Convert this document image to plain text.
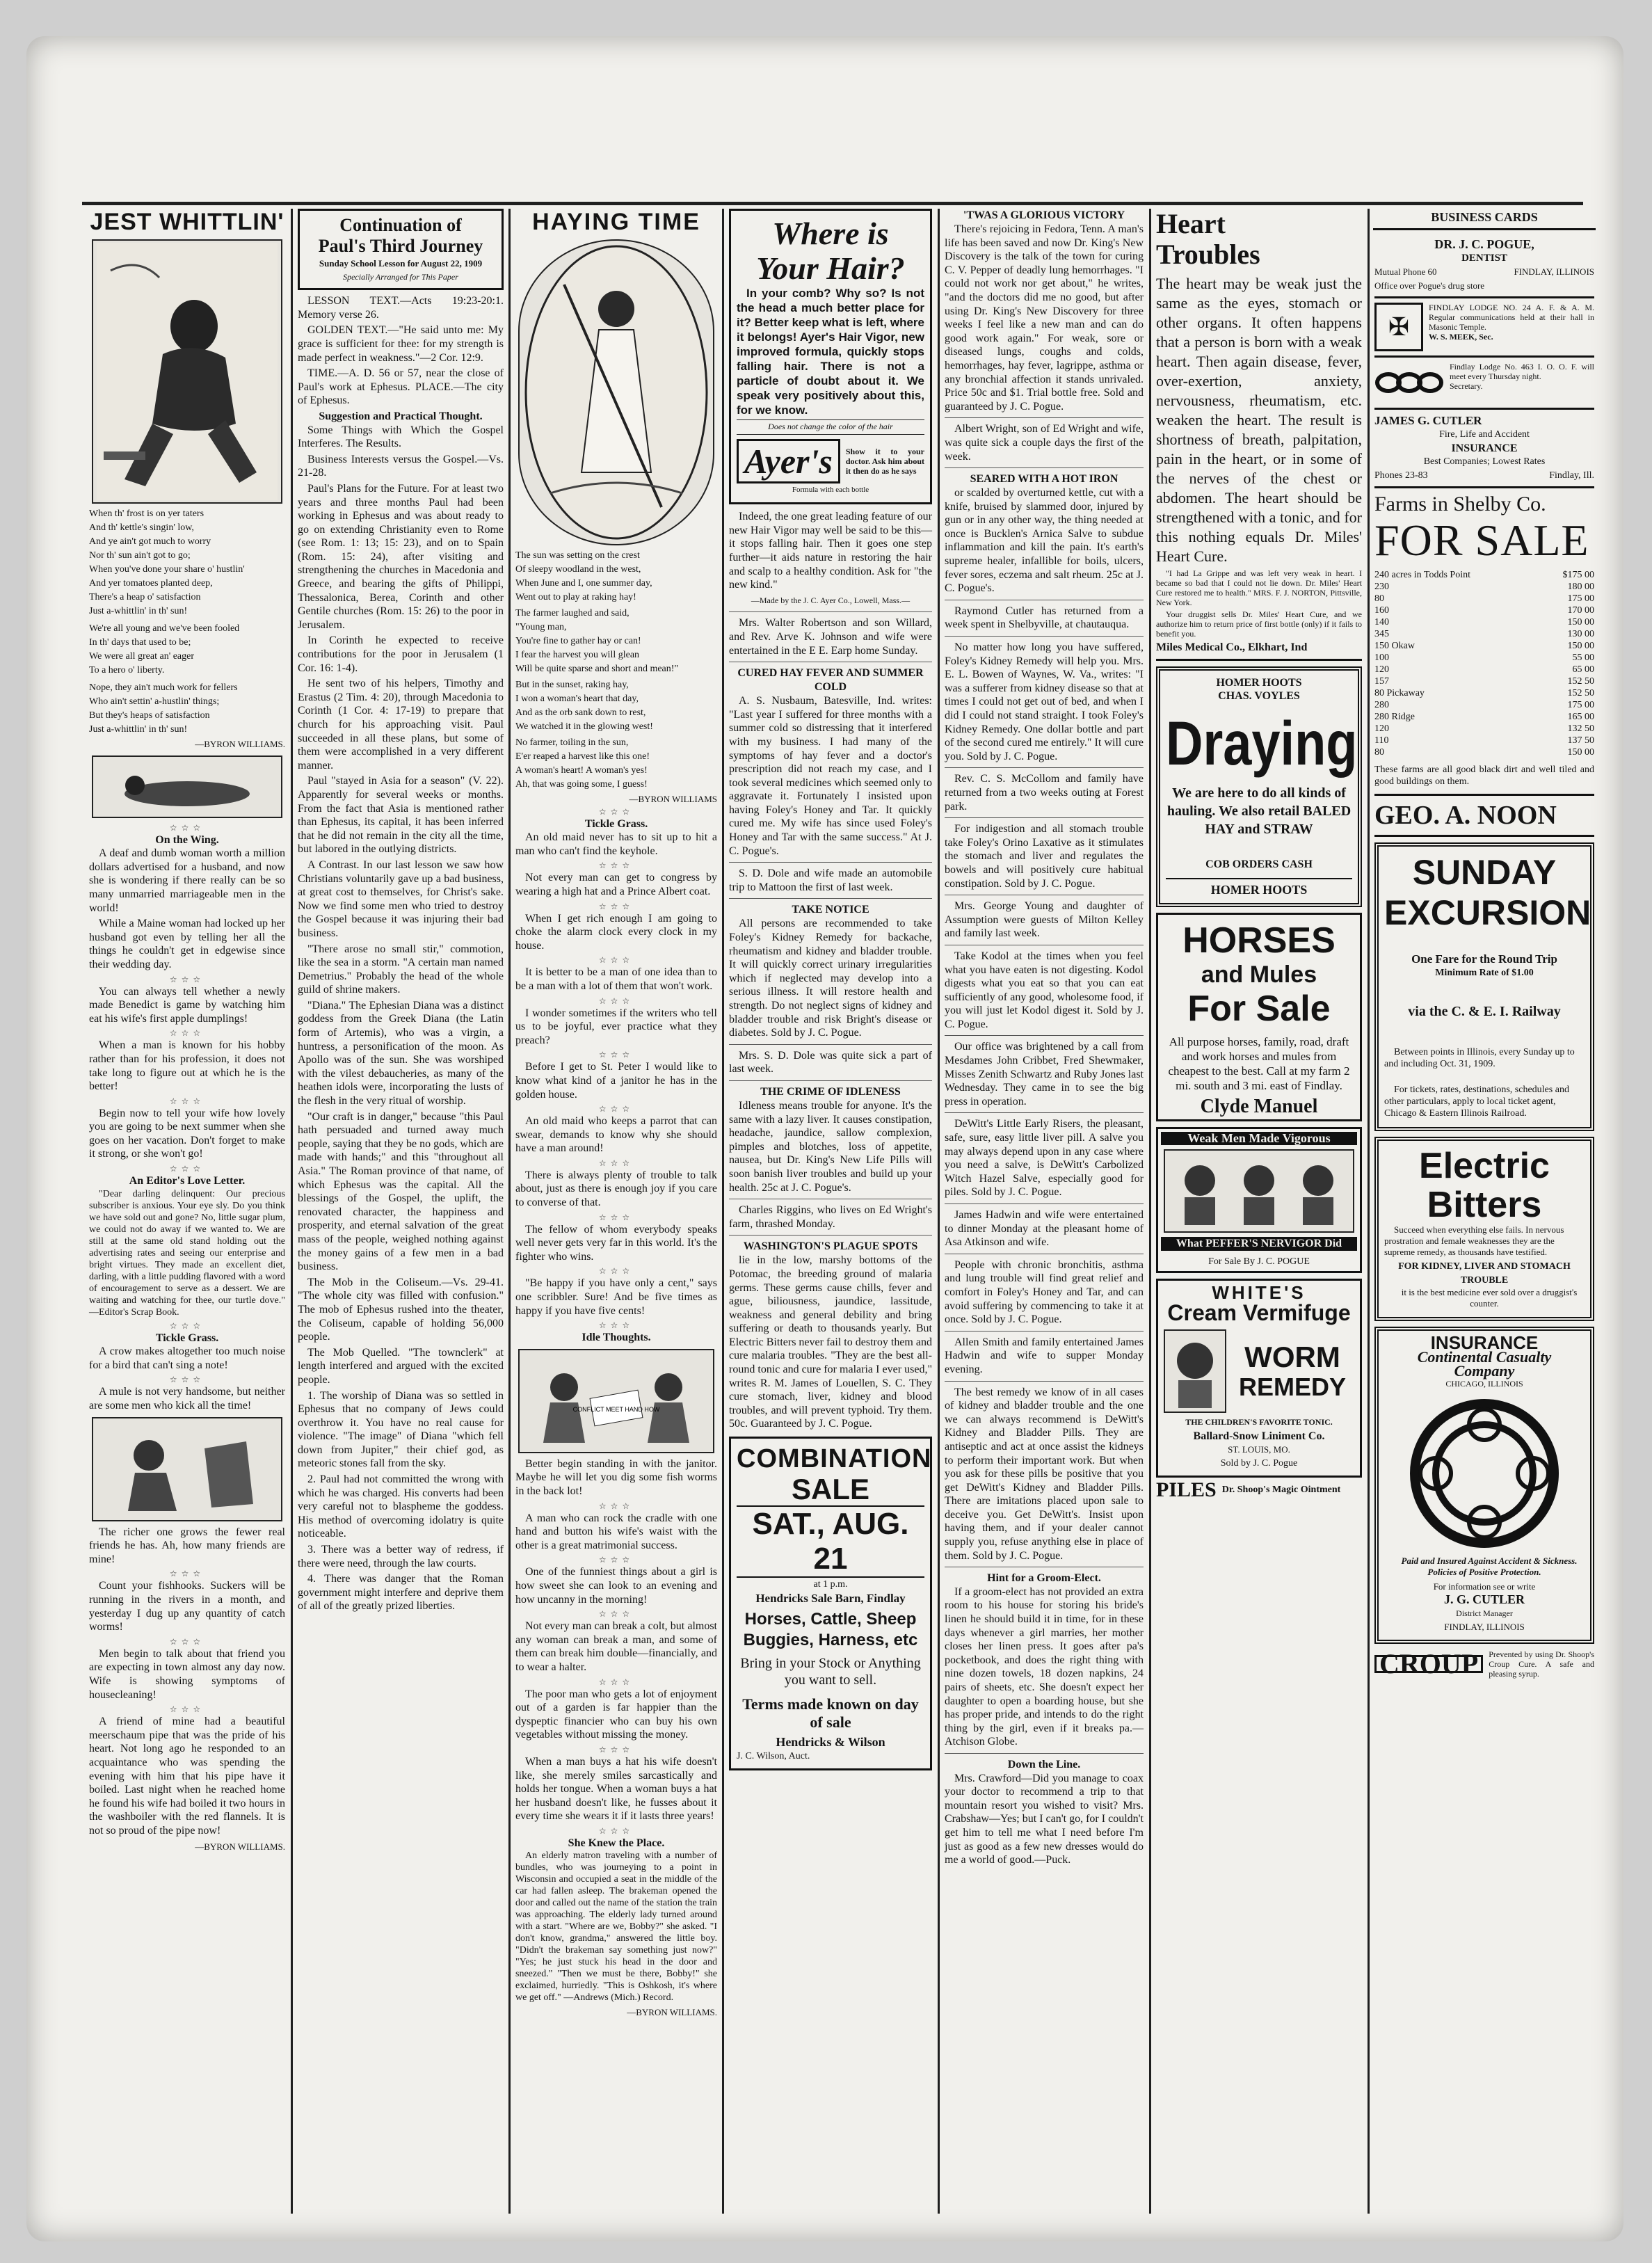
BUSINESS CARDS
JEST WHITTLIN'

When th' frost is on yer taters

And th' kettle's singin' low,

And ye ain't got much to worry

Nor th' sun ain't got to go;

When you've done your share o' hustlin'

And yer tomatoes planted deep,

There's a heap o' satisfaction

Just a-whittlin' in th' sun!

We're all young and we've been fooled

In th' days that used to be;

We were all great an' eager

To a hero o' liberty.

Nope, they ain't much work for fellers

Who ain't settin' a-hustlin' things;

But they's heaps of satisfaction

Just a-whittlin' in th' sun!

—BYRON WILLIAMS.
☆☆☆
On the Wing.

A deaf and dumb woman worth a million dollars advertised for a husband, and now she is wondering if there really can be so many unmarried marriageable men in the world!

While a Maine woman had locked up her husband got even by telling her all the things he couldn't get in edgewise since their wedding day.

☆☆☆

You can always tell whether a newly made Benedict is game by watching him eat his wife's first apple dumplings!

☆☆☆

When a man is known for his hobby rather than for his profession, it does not take long to figure out at which he is the better!

☆☆☆

Begin now to tell your wife how lovely you are going to be next summer when she goes on her vacation. Don't forget to make it strong, or she won't go!

☆☆☆
An Editor's Love Letter.

"Dear darling delinquent: Our precious subscriber is anxious. Your eye sly. Do you think we have sold out and gone? No, little sugar plum, we could not do away if we wanted to. We are still at the same old stand holding out the advertising rates and seeing our enterprise and bright virtues. They made an excellent diet, darling, with a little pudding flavored with a word of encouragement to serve as a dessert. We are waiting and watching for thee, our turtle dove." —Editor's Scrap Book.

☆☆☆
Tickle Grass.

A crow makes altogether too much noise for a bird that can't sing a note!

☆☆☆

A mule is not very handsome, but neither are some men who kick all the time!

The richer one grows the fewer real friends he has. Ah, how many friends are mine!

☆☆☆

Count your fishhooks. Suckers will be running in the rivers in a month, and yesterday I dug up any quantity of catch worms!

☆☆☆

Men begin to talk about that friend you are expecting in town almost any day now. Wife is showing symptoms of housecleaning!

☆☆☆

A friend of mine had a beautiful meerschaum pipe that was the pride of his heart. Not long ago he responded to an acquaintance who was spending the evening with him that his pipe have it boiled. Last night when he reached home he found his wife had boiled it two hours in the washboiler with the red flannels. It is not so proud of the pipe now!

—BYRON WILLIAMS.
Continuation of
Paul's Third Journey
Sunday School Lesson for August 22, 1909
Specially Arranged for This Paper

LESSON TEXT.—Acts 19:23-20:1. Memory verse 26.

GOLDEN TEXT.—"He said unto me: My grace is sufficient for thee: for my strength is made perfect in weakness."—2 Cor. 12:9.

TIME.—A. D. 56 or 57, near the close of Paul's work at Ephesus. PLACE.—The city of Ephesus.

Suggestion and Practical Thought.

Some Things with Which the Gospel Interferes. The Results.

Business Interests versus the Gospel.—Vs. 21-28.

Paul's Plans for the Future. For at least two years and three months Paul had been working in Ephesus and was about ready to go on extending Christianity even to Rome (see Rom. 1: 13; 15: 23), and on to Spain (Rom. 15: 24), after visiting and strengthening the churches in Macedonia and Greece, and bearing the gifts of Philippi, Thessalonica, Berea, Corinth and other Gentile churches (Rom. 15: 26) to the poor in Jerusalem.

In Corinth he expected to receive contributions for the poor in Jerusalem (1 Cor. 16: 1-4).

He sent two of his helpers, Timothy and Erastus (2 Tim. 4: 20), through Macedonia to Corinth (1 Cor. 4: 17-19) to prepare that church for his approaching visit. Paul succeeded in all these plans, but some of them were accomplished in a very different manner.

Paul "stayed in Asia for a season" (V. 22). Apparently for several weeks or months. From the fact that Asia is mentioned rather than Ephesus, its capital, it has been inferred that he did not remain in the city all the time, but labored in the outlying districts.

A Contrast. In our last lesson we saw how Christians voluntarily gave up a bad business, at great cost to themselves, for Christ's sake. Now we find some men who tried to destroy the Gospel because it was injuring their bad business.

"There arose no small stir," commotion, like the sea in a storm. "A certain man named Demetrius." Probably the head of the whole guild of shrine makers.

"Diana." The Ephesian Diana was a distinct goddess from the Greek Diana (the Latin form of Artemis), who was a virgin, a huntress, a personification of the moon. As Apollo was of the sun. She was worshiped with the vilest debaucheries, as many of the heathen idols were, incorporating the lusts of the flesh in the very ritual of worship.

"Our craft is in danger," because "this Paul hath persuaded and turned away much people, saying that they be no gods, which are made with hands;" and this "throughout all Asia." The Roman province of that name, of which Ephesus was the capital. All the blessings of the Gospel, the uplift, the renovated character, the happiness and prosperity, and eternal salvation of the great mass of the people, weighed nothing against the money gains of a few men in a bad business.

The Mob in the Coliseum.—Vs. 29-41. "The whole city was filled with confusion." The mob of Ephesus rushed into the theater, the Coliseum, capable of holding 56,000 people.

The Mob Quelled. "The townclerk" at length interfered and argued with the excited people.

1. The worship of Diana was so settled in Ephesus that no company of Jews could overthrow it. You have no real cause for violence. "The image" of Diana "which fell down from Jupiter," their chief god, as meteoric stones fall from the sky.

2. Paul had not committed the wrong with which he was charged. His converts had been very careful not to blaspheme the goddess. His method of overcoming idolatry is quite noticeable.

3. There was a better way of redress, if there were need, through the law courts.

4. There was danger that the Roman government might interfere and deprive them of all of the greatly prized liberties.

HAYING TIME

The sun was setting on the crest

Of sleepy woodland in the west,

When June and I, one summer day,

Went out to play at raking hay!

The farmer laughed and said,

"Young man,

You're fine to gather hay or can!

I fear the harvest you will glean

Will be quite sparse and short and mean!"

But in the sunset, raking hay,

I won a woman's heart that day,

And as the orb sank down to rest,

We watched it in the glowing west!

No farmer, toiling in the sun,

E'er reaped a harvest like this one!

A woman's heart! A woman's yes!

Ah, that was going some, I guess!

—BYRON WILLIAMS
☆☆☆
Tickle Grass.

An old maid never has to sit up to hit a man who can't find the keyhole.

☆☆☆

Not every man can get to congress by wearing a high hat and a Prince Albert coat.

☆☆☆

When I get rich enough I am going to choke the alarm clock every clock in my house.

☆☆☆

It is better to be a man of one idea than to be a man with a lot of them that won't work.

☆☆☆

I wonder sometimes if the writers who tell us to be joyful, ever practice what they preach?

☆☆☆

Before I get to St. Peter I would like to know what kind of a janitor he has in the golden house.

☆☆☆

An old maid who keeps a parrot that can swear, demands to know why she should have a man around!

☆☆☆

There is always plenty of trouble to talk about, just as there is enough joy if you care to converse of that.

☆☆☆

The fellow of whom everybody speaks well never gets very far in this world. It's the fighter who wins.

☆☆☆

"Be happy if you have only a cent," says one scribbler. Sure! And be five times as happy if you have five cents!

☆☆☆
Idle Thoughts.
CONFLICT MEET HAND HOW

Better begin standing in with the janitor. Maybe he will let you dig some fish worms in the back lot!

☆☆☆

A man who can rock the cradle with one hand and button his wife's waist with the other is a great matrimonial success.

☆☆☆

One of the funniest things about a girl is how sweet she can look to an evening and how uncanny in the morning!

☆☆☆

Not every man can break a colt, but almost any woman can break a man, and some of them can break him double—financially, and to wear a halter.

☆☆☆

The poor man who gets a lot of enjoyment out of a garden is far happier than the dyspeptic financier who can buy his own vegetables without missing the money.

☆☆☆

When a man buys a hat his wife doesn't like, she merely smiles sarcastically and holds her tongue. When a woman buys a hat her husband doesn't like, he fusses about it every time she wears it if it lasts three years!

☆☆☆
She Knew the Place.

An elderly matron traveling with a number of bundles, who was journeying to a point in Wisconsin and occupied a seat in the middle of the car had fallen asleep. The brakeman opened the door and called out the name of the station the train was approaching. The elderly lady turned around with a start. "Where are we, Bobby?" she asked. "I don't know, grandma," answered the little boy. "Didn't the brakeman say something just now?" "Yes; he just stuck his head in the door and sneezed." "Then we must be there, Bobby!" she exclaimed, hurriedly. "This is Oshkosh, it's where we get off." —Andrews (Mich.) Record.

—BYRON WILLIAMS.
Where is
Your Hair?

In your comb? Why so? Is not the head a much better place for it? Better keep what is left, where it belongs! Ayer's Hair Vigor, new improved formula, quickly stops falling hair. There is not a particle of doubt about it. We speak very positively about this, for we know.

Does not change the color of the hair
Ayer's	Show it to your doctor. Ask him about it then do as he says
Formula with each bottle

Indeed, the one great leading feature of our new Hair Vigor may well be said to be this—it stops falling hair. Then it goes one step further—it aids nature in restoring the hair and scalp to a healthy condition. Ask for "the new kind."

—Made by the J. C. Ayer Co., Lowell, Mass.—

Mrs. Walter Robertson and son Willard, and Rev. Arve K. Johnson and wife were entertained in the E E. Earp home Sunday.

CURED HAY FEVER AND SUMMER COLD

A. S. Nusbaum, Batesville, Ind. writes: "Last year I suffered for three months with a summer cold so distressing that it interfered with my business. I had many of the symptoms of hay fever and a doctor's prescription did not reach my case, and I took several medicines which seemed only to aggravate it. Fortunately I insisted upon having Foley's Honey and Tar. It quickly cured me. My wife has since used Foley's Honey and Tar with the same success." At J. C. Pogue's.

S. D. Dole and wife made an automobile trip to Mattoon the first of last week.

TAKE NOTICE

All persons are recommended to take Foley's Kidney Remedy for backache, rheumatism and kidney and bladder trouble. It will quickly correct urinary irregularities which if neglected may develop into a serious illness. It will restore health and strength. Do not neglect signs of kidney and bladder trouble and risk Bright's disease or diabetes. Sold by J. C. Pogue.

Mrs. S. D. Dole was quite sick a part of last week.

THE CRIME OF IDLENESS

Idleness means trouble for anyone. It's the same with a lazy liver. It causes constipation, headache, jaundice, sallow complexion, pimples and blotches, loss of appetite, nausea, but Dr. King's New Life Pills will soon banish liver troubles and build up your health. 25c at J. C. Pogue's.

Charles Riggins, who lives on Ed Wright's farm, thrashed Monday.

WASHINGTON'S PLAGUE SPOTS

lie in the low, marshy bottoms of the Potomac, the breeding ground of malaria germs. These germs cause chills, fever and ague, biliousness, jaundice, lassitude, weakness and general debility and bring suffering or death to thousands yearly. But Electric Bitters never fail to destroy them and cure malaria troubles. "They are the best all-round tonic and cure for malaria I ever used," writes R. M. James of Louellen, S. C. They cure stomach, liver, kidney and blood troubles, and will prevent typhoid. Try them. 50c. Guaranteed by J. C. Pogue.

COMBINATION
SALE
SAT., AUG. 21
at 1 p.m.
Hendricks Sale Barn, Findlay
Horses, Cattle, Sheep Buggies, Harness, etc
Bring in your Stock or Anything you want to sell.
Terms made known on day of sale
Hendricks & Wilson
J. C. Wilson, Auct.
'TWAS A GLORIOUS VICTORY

There's rejoicing in Fedora, Tenn. A man's life has been saved and now Dr. King's New Discovery is the talk of the town for curing C. V. Pepper of deadly lung hemorrhages. "I could not work nor get about," he writes, "and the doctors did me no good, but after using Dr. King's New Discovery for three weeks I feel like a new man and can do good work again." For weak, sore or diseased lungs, coughs and colds, hemorrhages, hay fever, lagrippe, asthma or any bronchial affection it stands unrivaled. Price 50c and $1. Trial bottle free. Sold and guaranteed by J. C. Pogue.

Albert Wright, son of Ed Wright and wife, was quite sick a couple days the first of the week.

SEARED WITH A HOT IRON

or scalded by overturned kettle, cut with a knife, bruised by slammed door, injured by gun or in any other way, the thing needed at once is Bucklen's Arnica Salve to subdue inflammation and kill the pain. It's earth's supreme healer, infallible for boils, ulcers, fever sores, eczema and salt rheum. 25c at J. C. Pogue's.

Raymond Cutler has returned from a week spent in Shelbyville, at chautauqua.

No matter how long you have suffered, Foley's Kidney Remedy will help you. Mrs. E. L. Bowen of Waynes, W. Va., writes: "I was a sufferer from kidney disease so that at times I could not get out of bed, and when I did I could not stand straight. I took Foley's Kidney Remedy. One dollar bottle and part of the second cured me entirely." It will cure you. Sold by J. C. Pogue.

Rev. C. S. McCollom and family have returned from a two weeks outing at Forest park.

For indigestion and all stomach trouble take Foley's Orino Laxative as it stimulates the stomach and liver and regulates the bowels and will positively cure habitual constipation. Sold by J. C. Pogue.

Mrs. George Young and daughter of Assumption were guests of Milton Kelley and family last week.

Take Kodol at the times when you feel what you have eaten is not digesting. Kodol digests what you eat so that you can eat sufficiently of any good, wholesome food, if you will just let Kodol digest it. Sold by J. C. Pogue.

Our office was brightened by a call from Mesdames John Cribbet, Fred Shewmaker, Misses Zenith Schwartz and Ruby Jones last Wednesday. They came in to see the big press in operation.

DeWitt's Little Early Risers, the pleasant, safe, sure, easy little liver pill. A salve you may always depend upon in any case where you need a salve, is DeWitt's Carbolized Witch Hazel Salve, especially good for piles. Sold by J. C. Pogue.

James Hadwin and wife were entertained to dinner Monday at the pleasant home of Asa Atkinson and wife.

People with chronic bronchitis, asthma and lung trouble will find great relief and comfort in Foley's Honey and Tar, and can avoid suffering by commencing to take it at once. Sold by J. C. Pogue.

Allen Smith and family entertained James Hadwin and wife to supper Monday evening.

The best remedy we know of in all cases of kidney and bladder trouble and the one we can always recommend is DeWitt's Kidney and Bladder Pills. They are antiseptic and act at once assist the kidneys to perform their important work. But when you ask for these pills be positive that you get DeWitt's Kidney and Bladder Pills. There are imitations placed upon sale to deceive you. Get DeWitt's. Insist upon having them, and if your dealer cannot supply you, refuse anything else in place of them. Sold by J. C. Pogue.

Hint for a Groom-Elect.

If a groom-elect has not provided an extra room to his house for storing his bride's linen he should build it in time, for in these days whenever a girl marries, her mother closes her linen press. It goes after pa's pocketbook, and does the right thing with nine dozen towels, 18 dozen napkins, 24 pairs of sheets, etc. She doesn't expect her daughter to open a boarding house, but she has proper pride, and intends to do the right thing by the girl, even if it breaks pa.—Atchison Globe.

Down the Line.

Mrs. Crawford—Did you manage to coax your doctor to recommend a trip to that mountain resort you wished to visit? Mrs. Crabshaw—Yes; but I can't go, for I couldn't get him to tell me what I need before I'm just as good as a few new dresses would do me a world of good.—Puck.

Heart
Troubles

The heart may be weak just the same as the eyes, stomach or other organs. It often happens that a person is born with a weak heart. Then again disease, fever, over-exertion, anxiety, nervousness, rheumatism, etc. weaken the heart. The result is shortness of breath, palpitation, pain in the heart, or in some of the nerves of the chest or abdomen. The heart should be strengthened with a tonic, and for this nothing equals Dr. Miles' Heart Cure.

"I had La Grippe and was left very weak in heart. I became so bad that I could not lie down. Dr. Miles' Heart Cure restored me to health." MRS. F. J. NORTON, Pittsville, New York.

Your druggist sells Dr. Miles' Heart Cure, and we authorize him to return price of first bottle (only) if it fails to benefit you.

Miles Medical Co., Elkhart, Ind
HOMER HOOTS
CHAS. VOYLES
Draying
We are here to do all kinds of hauling. We also retail BALED HAY and STRAW
COB ORDERS CASH
HOMER HOOTS
HORSES
and Mules
For Sale

All purpose horses, family, road, draft and work horses and mules from cheapest to the best. Call at my farm 2 mi. south and 3 mi. east of Findlay.

Clyde Manuel
Weak Men Made Vigorous
What PEFFER'S NERVIGOR Did
For Sale By J. C. POGUE
WHITE'S
Cream Vermifuge
WORM
REMEDY
THE CHILDREN'S FAVORITE TONIC.
Ballard-Snow Liniment Co.
ST. LOUIS, MO.
Sold by J. C. Pogue
PILES Dr. Shoop's Magic Ointment
DR. J. C. POGUE,
DENTIST
Mutual Phone 60	FINDLAY, ILLINOIS
Office over Pogue's drug store
✠
FINDLAY LODGE NO. 24 A. F. & A. M. Regular communications held at their hall in Masonic Temple.
W. S. MEEK, Sec.
Findlay Lodge No. 463 I. O. O. F. will meet every Thursday night.
Secretary.
JAMES G. CUTLER
Fire, Life and Accident
INSURANCE
Best Companies; Lowest Rates
Phones 23-83	Findlay, Ill.
Farms in Shelby Co.
FOR SALE
240 acres in Todds Point	$175 00
230	180 00
80	175 00
160	170 00
140	150 00
345	130 00
150 Okaw	150 00
100	55 00
120	65 00
157	152 50
80 Pickaway	152 50
280	175 00
280 Ridge	165 00
120	132 50
110	137 50
80	150 00

These farms are all good black dirt and well tiled and good buildings on them.

GEO. A. NOON
SUNDAY
EXCURSION
One Fare for the Round Trip
Minimum Rate of $1.00
via the C. & E. I. Railway

Between points in Illinois, every Sunday up to and including Oct. 31, 1909.

For tickets, rates, destinations, schedules and other particulars, apply to local ticket agent, Chicago & Eastern Illinois Railroad.

Electric
Bitters

Succeed when everything else fails. In nervous prostration and female weaknesses they are the supreme remedy, as thousands have testified.

FOR KIDNEY, LIVER AND STOMACH TROUBLE

it is the best medicine ever sold over a druggist's counter.

INSURANCE
Continental Casualty
Company
CHICAGO, ILLINOIS

Paid and Insured Against Accident & Sickness. Policies of Positive Protection.

For information see or write
J. G. CUTLER
District Manager
FINDLAY, ILLINOIS
CROUP	Prevented by using Dr. Shoop's Croup Cure. A safe and pleasing syrup.
